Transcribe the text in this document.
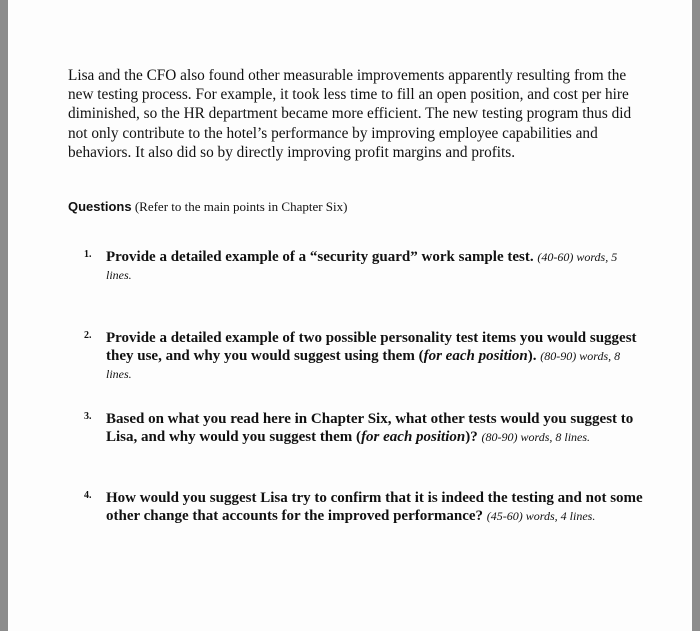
Lisa and the CFO also found other measurable improvements apparently resulting from the new testing process. For example, it took less time to fill an open position, and cost per hire diminished, so the HR department became more efficient. The new testing program thus did not only contribute to the hotel’s performance by improving employee capabilities and behaviors. It also did so by directly improving profit margins and profits.

Questions (Refer to the main points in Chapter Six)

1. Provide a detailed example of a “security guard” work sample test. (40-60) words, 5 lines.
2. Provide a detailed example of two possible personality test items you would suggest they use, and why you would suggest using them (for each position). (80-90) words, 8 lines.
3. Based on what you read here in Chapter Six, what other tests would you suggest to Lisa, and why would you suggest them (for each position)? (80-90) words, 8 lines.
4. How would you suggest Lisa try to confirm that it is indeed the testing and not some other change that accounts for the improved performance? (45-60) words, 4 lines.
